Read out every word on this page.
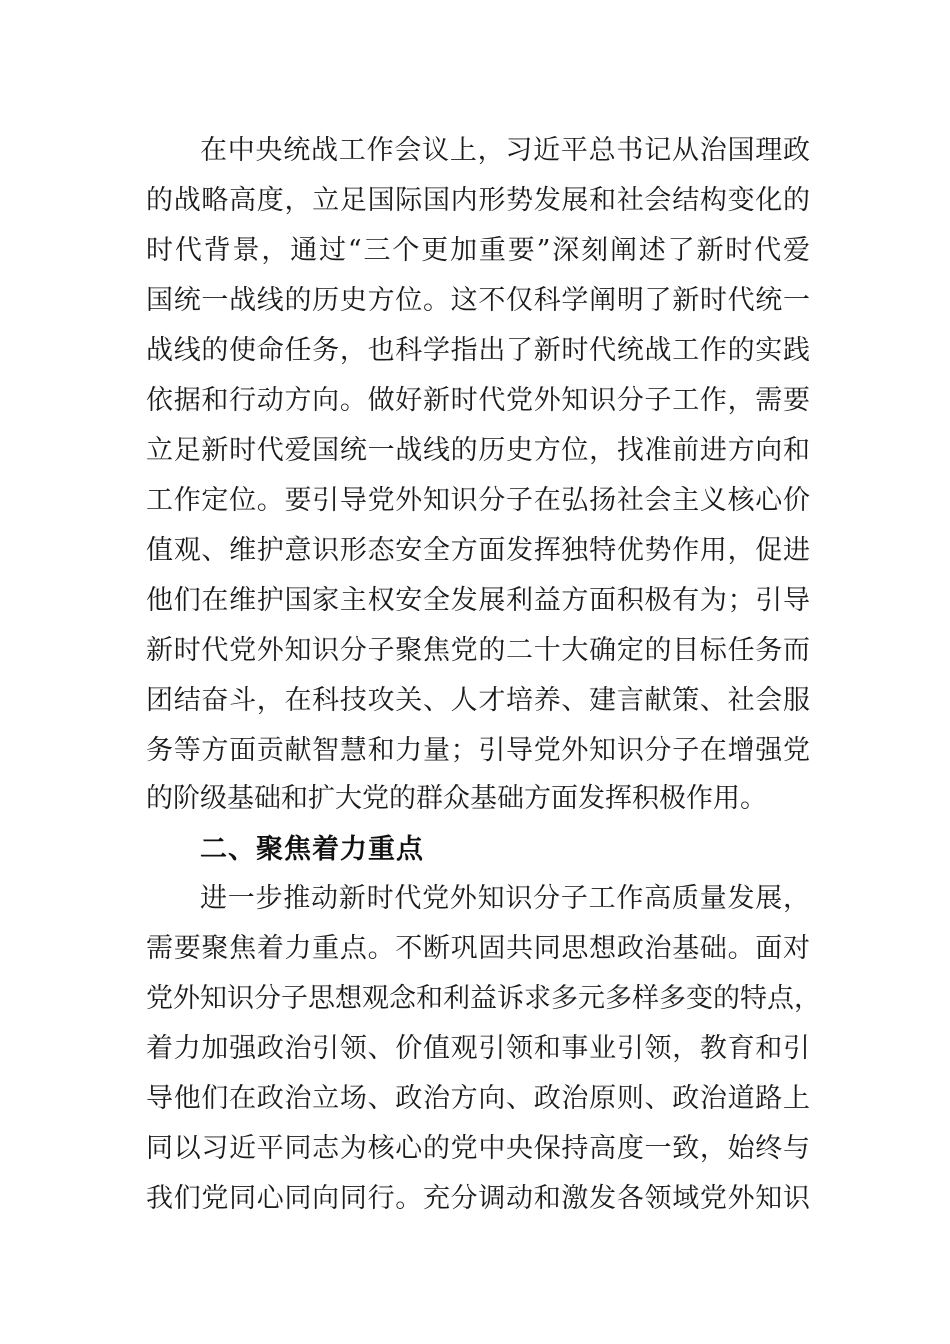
在中央统战工作会议上，习近平总书记从治国理政
的战略高度，立足国际国内形势发展和社会结构变化的
时代背景，通过“三个更加重要”深刻阐述了新时代爱
国统一战线的历史方位。这不仅科学阐明了新时代统一
战线的使命任务，也科学指出了新时代统战工作的实践
依据和行动方向。做好新时代党外知识分子工作，需要
立足新时代爱国统一战线的历史方位，找准前进方向和
工作定位。要引导党外知识分子在弘扬社会主义核心价
值观、维护意识形态安全方面发挥独特优势作用，促进
他们在维护国家主权安全发展利益方面积极有为；引导
新时代党外知识分子聚焦党的二十大确定的目标任务而
团结奋斗，在科技攻关、人才培养、建言献策、社会服
务等方面贡献智慧和力量；引导党外知识分子在增强党
的阶级基础和扩大党的群众基础方面发挥积极作用。
二、聚焦着力重点
进一步推动新时代党外知识分子工作高质量发展，
需要聚焦着力重点。不断巩固共同思想政治基础。面对
党外知识分子思想观念和利益诉求多元多样多变的特点，
着力加强政治引领、价值观引领和事业引领，教育和引
导他们在政治立场、政治方向、政治原则、政治道路上
同以习近平同志为核心的党中央保持高度一致，始终与
我们党同心同向同行。充分调动和激发各领域党外知识
